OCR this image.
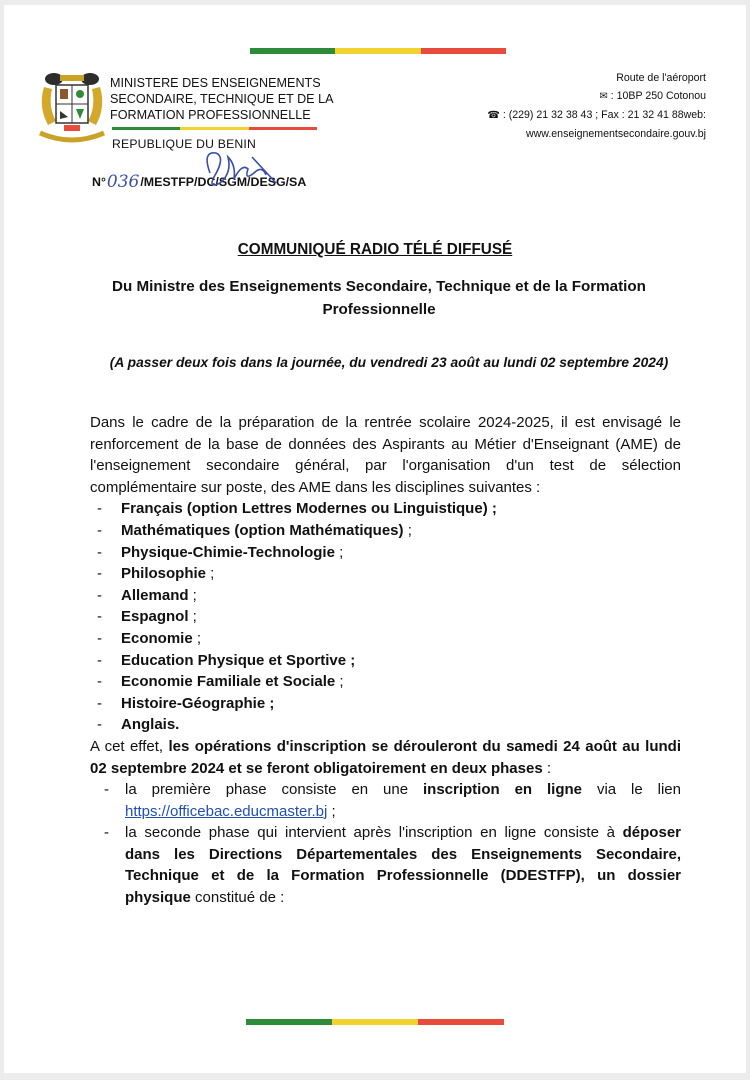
MINISTERE DES ENSEIGNEMENTS
SECONDAIRE, TECHNIQUE ET DE LA
FORMATION PROFESSIONNELLE
REPUBLIQUE DU BENIN
N° 036 /MESTFP/DC/SGM/DESG/SA
Route de l'aéroport
✉ : 10BP 250 Cotonou
☎ : (229) 21 32 38 43 ; Fax : 21 32 41 88web:
www.enseignementsecondaire.gouv.bj
COMMUNIQUÉ RADIO TÉLÉ DIFFUSÉ
Du Ministre des Enseignements Secondaire, Technique et de la Formation Professionnelle
(A passer deux fois dans la journée, du vendredi 23 août au lundi 02 septembre 2024)

Dans le cadre de la préparation de la rentrée scolaire 2024-2025, il est envisagé le renforcement de la base de données des Aspirants au Métier d'Enseignant (AME) de l'enseignement secondaire général, par l'organisation d'un test de sélection complémentaire sur poste, des AME dans les disciplines suivantes :

- Français (option Lettres Modernes ou Linguistique) ;
- Mathématiques (option Mathématiques) ;
- Physique-Chimie-Technologie ;
- Philosophie ;
- Allemand ;
- Espagnol ;
- Economie ;
- Education Physique et Sportive ;
- Economie Familiale et Sociale ;
- Histoire-Géographie ;
- Anglais.

A cet effet, les opérations d'inscription se dérouleront du samedi 24 août au lundi 02 septembre 2024 et se feront obligatoirement en deux phases :

- la première phase consiste en une inscription en ligne via le lien https://officebac.educmaster.bj ;
- la seconde phase qui intervient après l'inscription en ligne consiste à déposer dans les Directions Départementales des Enseignements Secondaire, Technique et de la Formation Professionnelle (DDESTFP), un dossier physique constitué de :
